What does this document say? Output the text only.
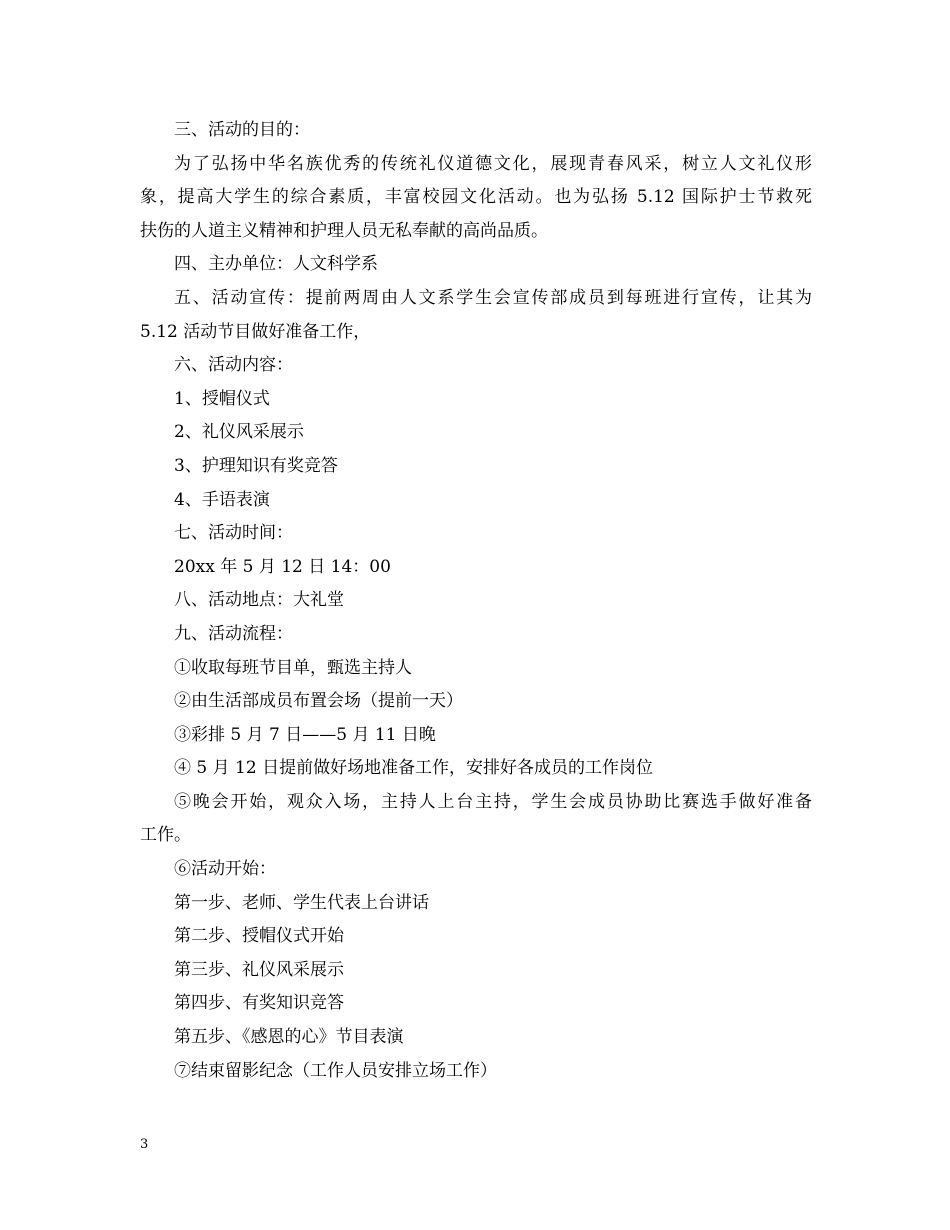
三、活动的目的：
为了弘扬中华名族优秀的传统礼仪道德文化，展现青春风采，树立人文礼仪形
象，提高大学生的综合素质，丰富校园文化活动。也为弘扬 5.12 国际护士节救死
扶伤的人道主义精神和护理人员无私奉献的高尚品质。
四、主办单位：人文科学系
五、活动宣传：提前两周由人文系学生会宣传部成员到每班进行宣传，让其为
5.12 活动节目做好准备工作，
六、活动内容：
1、授帽仪式
2、礼仪风采展示
3、护理知识有奖竞答
4、手语表演
七、活动时间：
20xx 年 5 月 12 日 14：00
八、活动地点：大礼堂
九、活动流程：
①收取每班节目单，甄选主持人
②由生活部成员布置会场（提前一天）
③彩排 5 月 7 日——5 月 11 日晚
④ 5 月 12 日提前做好场地准备工作，安排好各成员的工作岗位
⑤晚会开始，观众入场，主持人上台主持，学生会成员协助比赛选手做好准备
工作。
⑥活动开始：
第一步、老师、学生代表上台讲话
第二步、授帽仪式开始
第三步、礼仪风采展示
第四步、有奖知识竞答
第五步、《感恩的心》节目表演
⑦结束留影纪念（工作人员安排立场工作）
3
